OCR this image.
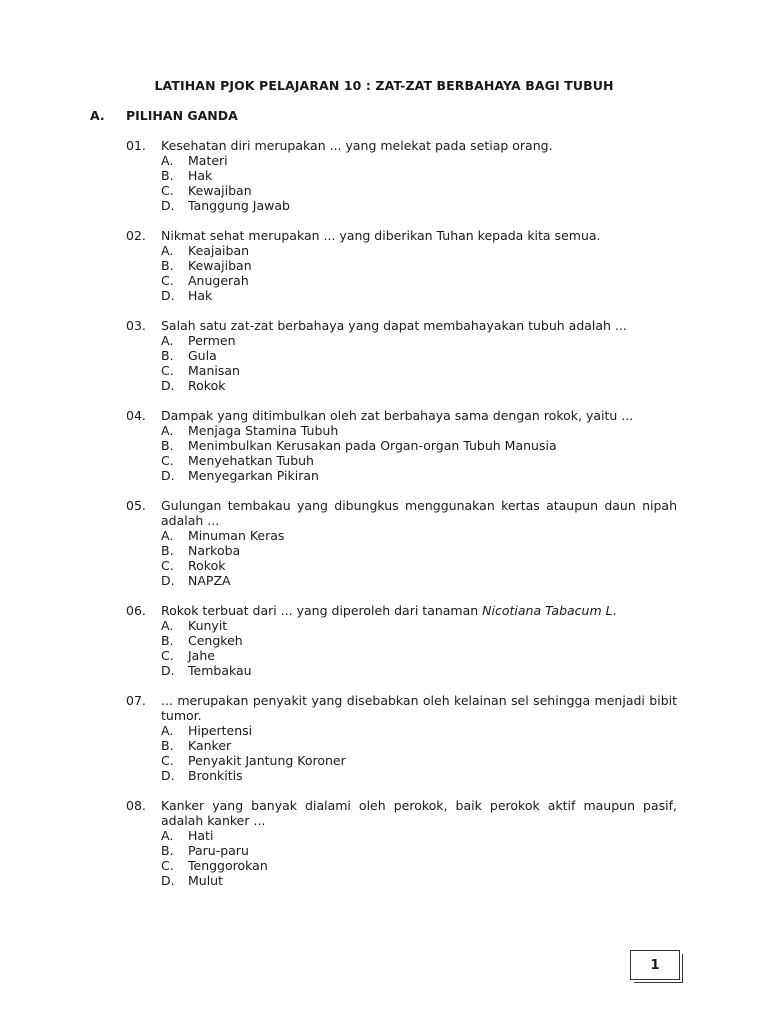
LATIHAN PJOK PELAJARAN 10 : ZAT-ZAT BERBAHAYA BAGI TUBUH
A. PILIHAN GANDA
01.	Kesehatan diri merupakan ... yang melekat pada setiap orang.
A.	Materi
B.	Hak
C.	Kewajiban
D.	Tanggung Jawab
02.	Nikmat sehat merupakan ... yang diberikan Tuhan kepada kita semua.
A.	Keajaiban
B.	Kewajiban
C.	Anugerah
D.	Hak
03.	Salah satu zat-zat berbahaya yang dapat membahayakan tubuh adalah ...
A.	Permen
B.	Gula
C.	Manisan
D.	Rokok
04.	Dampak yang ditimbulkan oleh zat berbahaya sama dengan rokok, yaitu ...
A.	Menjaga Stamina Tubuh
B.	Menimbulkan Kerusakan pada Organ-organ Tubuh Manusia
C.	Menyehatkan Tubuh
D.	Menyegarkan Pikiran
05.	Gulungan tembakau yang dibungkus menggunakan kertas ataupun daun nipah adalah ...
A.	Minuman Keras
B.	Narkoba
C.	Rokok
D.	NAPZA
06.	Rokok terbuat dari ... yang diperoleh dari tanaman Nicotiana Tabacum L.
A.	Kunyit
B.	Cengkeh
C.	Jahe
D.	Tembakau
07.	... merupakan penyakit yang disebabkan oleh kelainan sel sehingga menjadi bibit tumor.
A.	Hipertensi
B.	Kanker
C.	Penyakit Jantung Koroner
D.	Bronkitis
08.	Kanker yang banyak dialami oleh perokok, baik perokok aktif maupun pasif, adalah kanker ...
A.	Hati
B.	Paru-paru
C.	Tenggorokan
D.	Mulut
1
